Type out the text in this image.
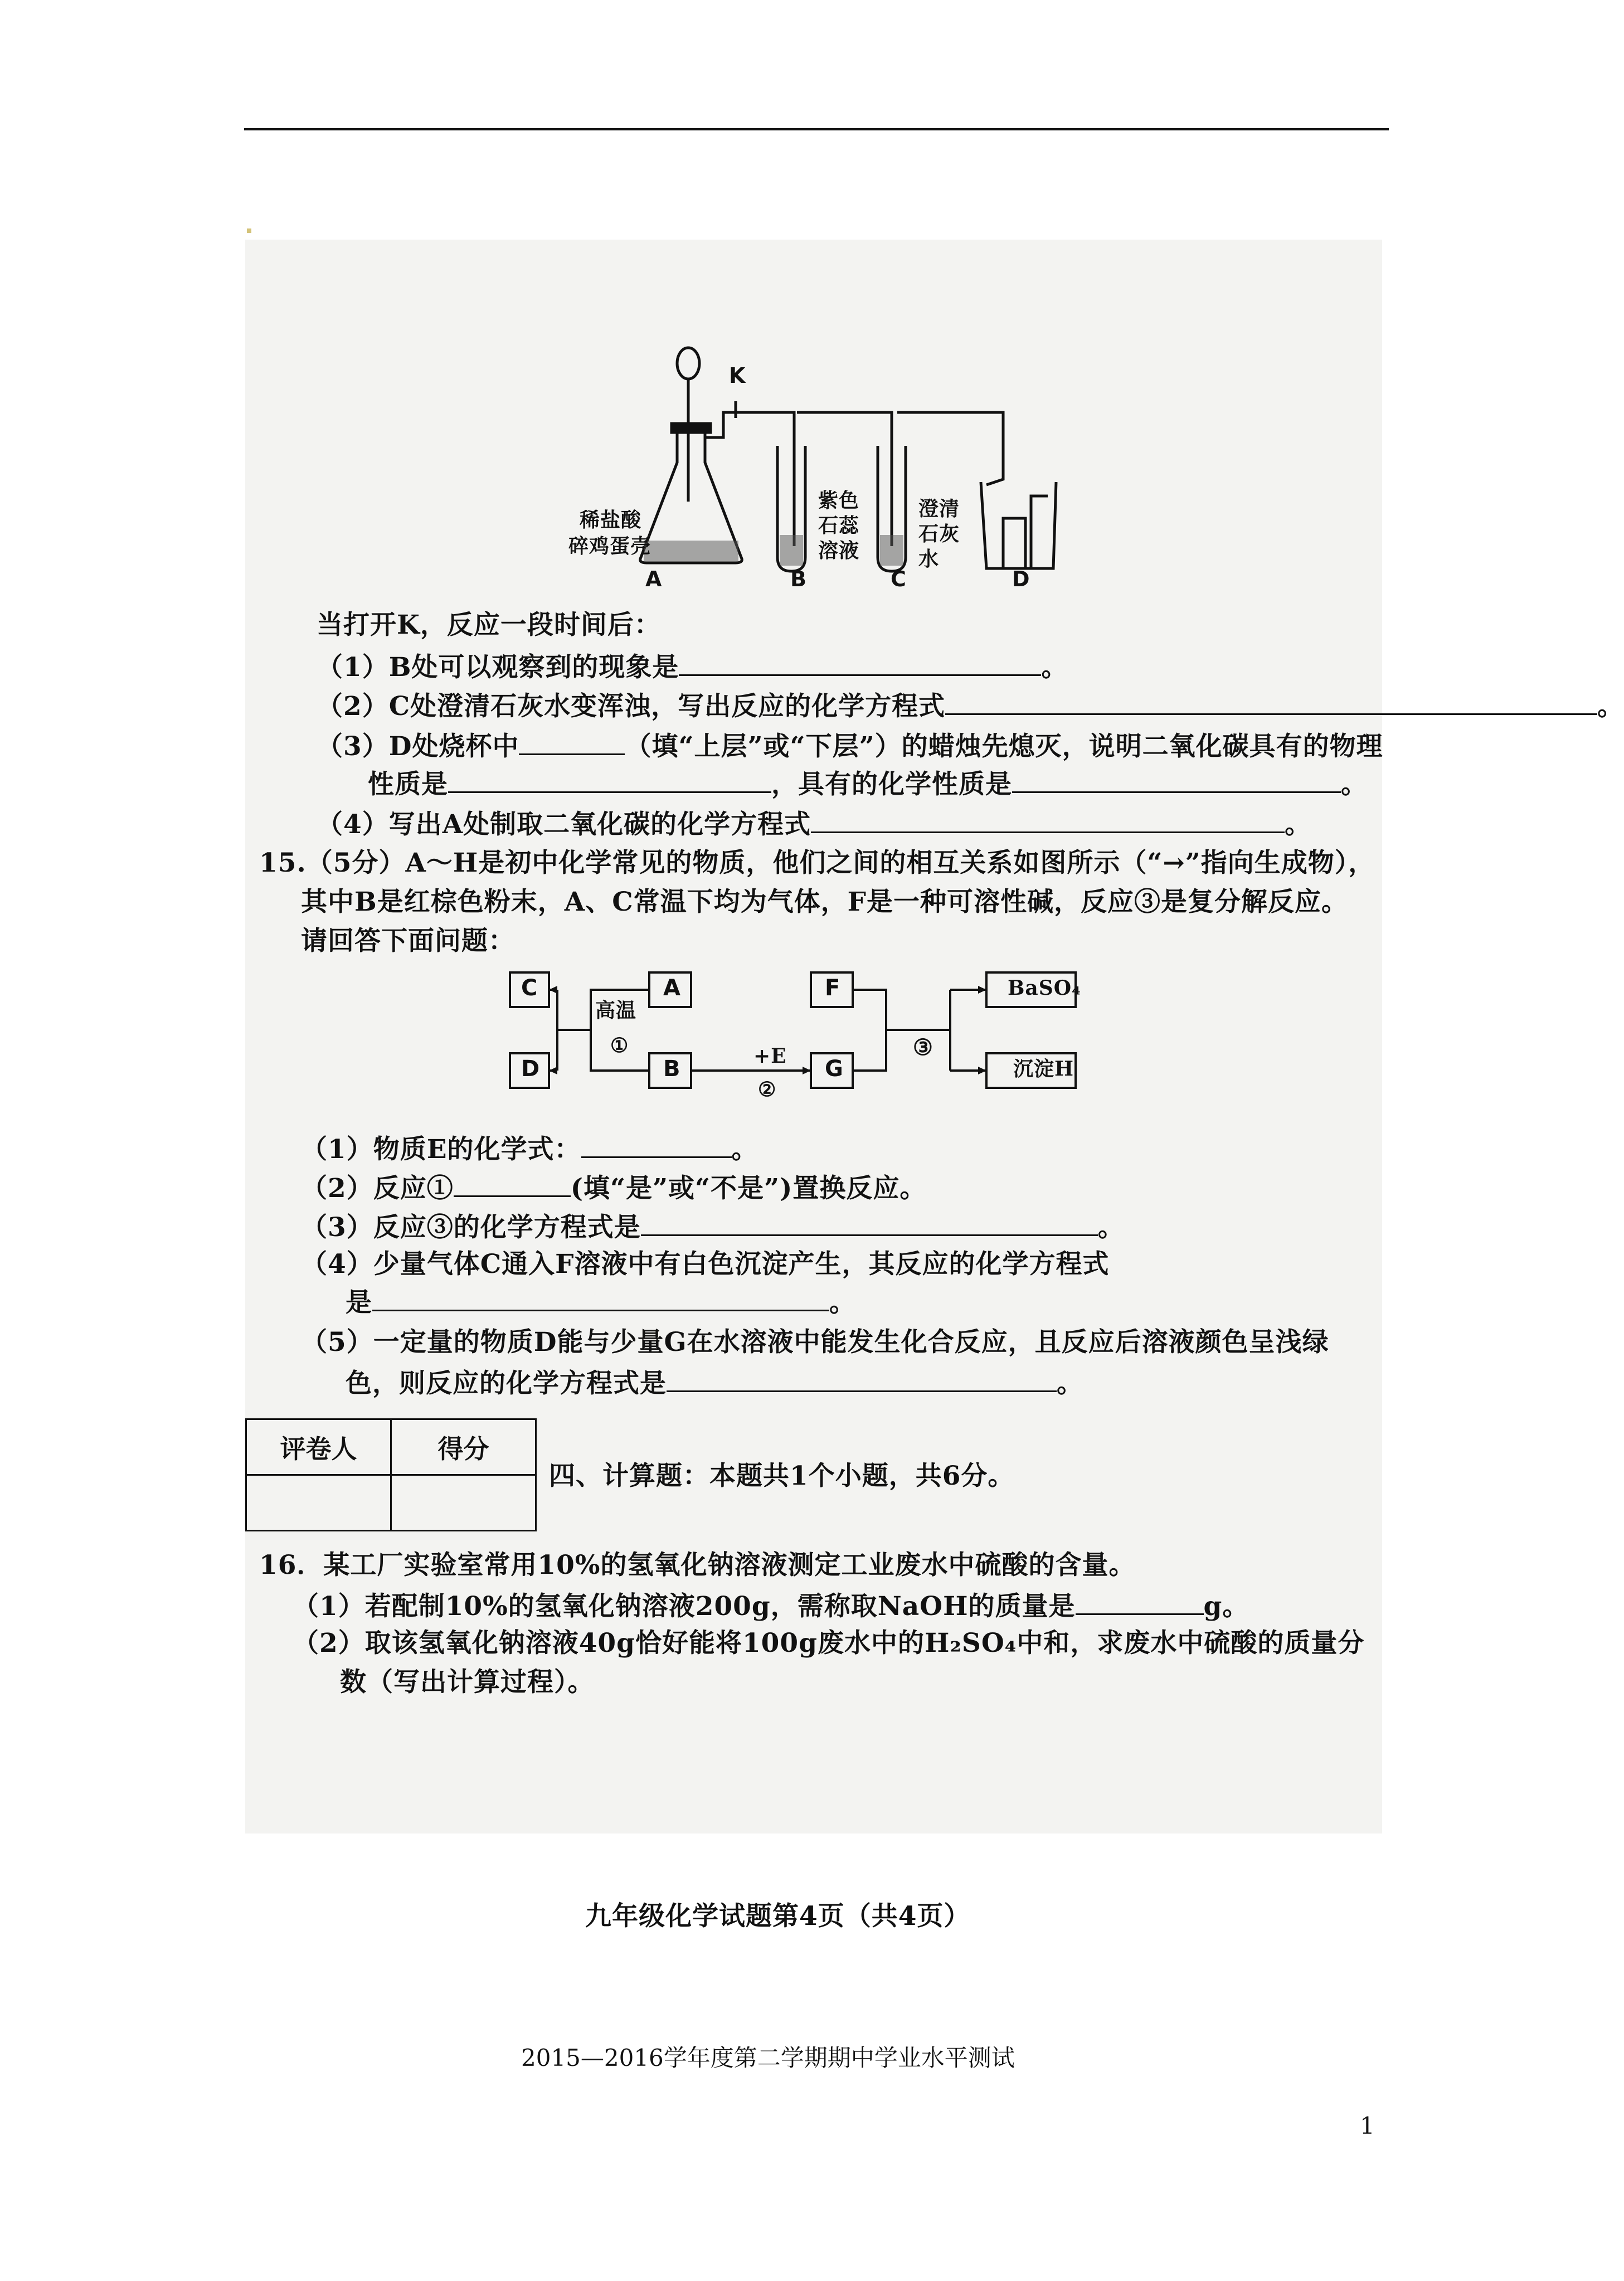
K
稀盐酸
碎鸡蛋壳
紫色
石蕊
溶液
澄清
石灰
水
A	B	C	D
当打开K，反应一段时间后：
（1）B处可以观察到的现象是	。
（2）C处澄清石灰水变浑浊，写出反应的化学方程式	。
（3）D处烧杯中	（填“上层”或“下层”）的蜡烛先熄灭，说明二氧化碳具有的物理
性质是	，具有的化学性质是	。
（4）写出A处制取二氧化碳的化学方程式	。
15.（5分）A～H是初中化学常见的物质，他们之间的相互关系如图所示（“→”指向生成物），
其中B是红棕色粉末，A、C常温下均为气体，F是一种可溶性碱，反应③是复分解反应。
请回答下面问题：
C
D
A
B
F
G
BaSO₄
沉淀H
高温
①	+E
②
③
（1）物质E的化学式：	。
（2）反应①	(填“是”或“不是”)置换反应。
（3）反应③的化学方程式是	。
（4）少量气体C通入F溶液中有白色沉淀产生，其反应的化学方程式
是	。
（5）一定量的物质D能与少量G在水溶液中能发生化合反应，且反应后溶液颜色呈浅绿
色，则反应的化学方程式是	。
评卷人	得分

四、计算题：本题共1个小题，共6分。
16．某工厂实验室常用10%的氢氧化钠溶液测定工业废水中硫酸的含量。
（1）若配制10%的氢氧化钠溶液200g，需称取NaOH的质量是	g。
（2）取该氢氧化钠溶液40g恰好能将100g废水中的H₂SO₄中和，求废水中硫酸的质量分
数（写出计算过程）。
九年级化学试题第4页（共4页）
2015—2016学年度第二学期期中学业水平测试
1
